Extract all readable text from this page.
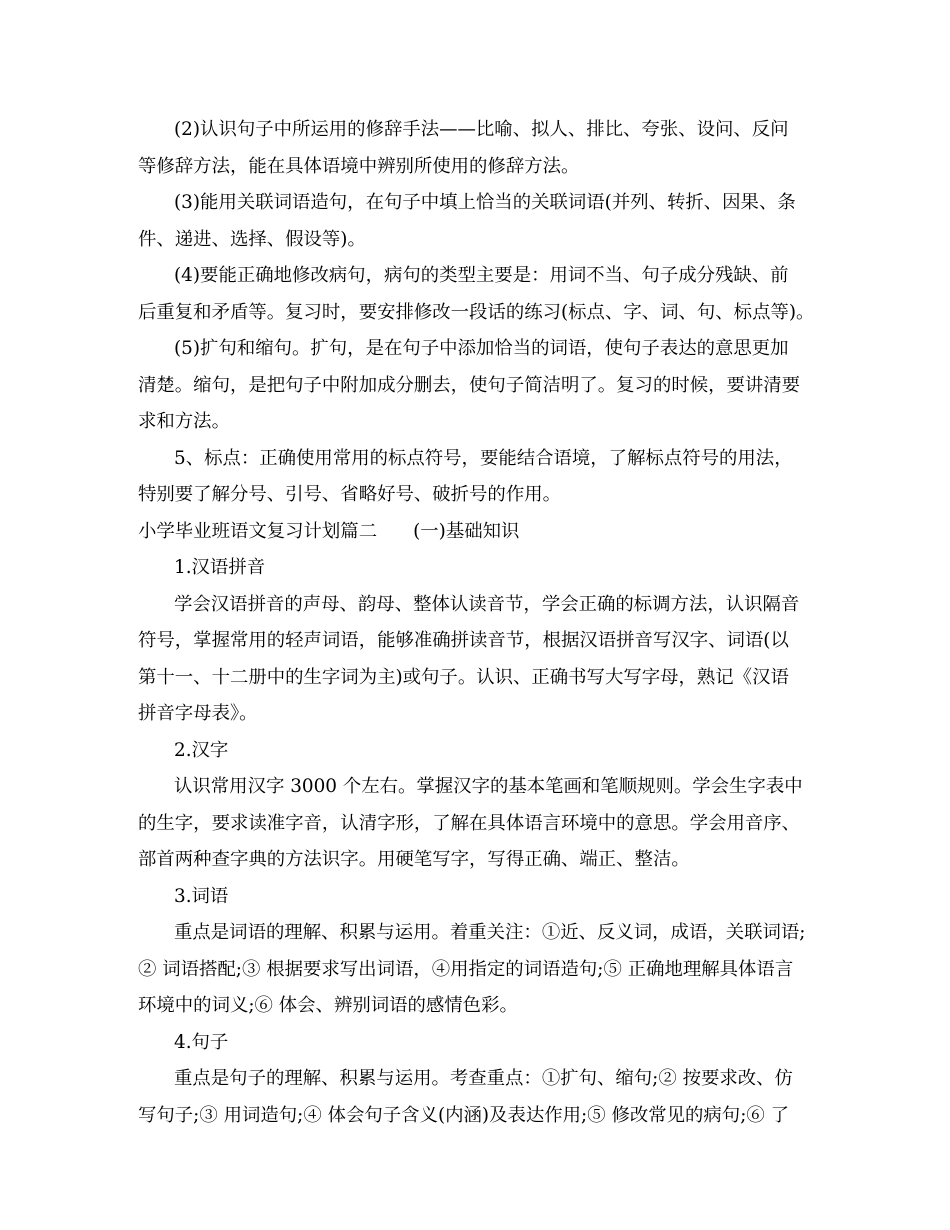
(2)认识句子中所运用的修辞手法——比喻、拟人、排比、夸张、设问、反问
等修辞方法，能在具体语境中辨别所使用的修辞方法。

(3)能用关联词语造句，在句子中填上恰当的关联词语(并列、转折、因果、条
件、递进、选择、假设等)。

(4)要能正确地修改病句，病句的类型主要是：用词不当、句子成分残缺、前
后重复和矛盾等。复习时，要安排修改一段话的练习(标点、字、词、句、标点等)。

(5)扩句和缩句。扩句，是在句子中添加恰当的词语，使句子表达的意思更加
清楚。缩句，是把句子中附加成分删去，使句子简洁明了。复习的时候，要讲清要
求和方法。

5、标点：正确使用常用的标点符号，要能结合语境，了解标点符号的用法，
特别要了解分号、引号、省略好号、破折号的作用。

小学毕业班语文复习计划篇二 (一)基础知识

1.汉语拼音

学会汉语拼音的声母、韵母、整体认读音节，学会正确的标调方法，认识隔音
符号，掌握常用的轻声词语，能够准确拼读音节，根据汉语拼音写汉字、词语(以
第十一、十二册中的生字词为主)或句子。认识、正确书写大写字母，熟记《汉语
拼音字母表》。

2.汉字

认识常用汉字 3000 个左右。掌握汉字的基本笔画和笔顺规则。学会生字表中
的生字，要求读准字音，认清字形，了解在具体语言环境中的意思。学会用音序、
部首两种查字典的方法识字。用硬笔写字，写得正确、端正、整洁。

3.词语

重点是词语的理解、积累与运用。着重关注：①近、反义词，成语，关联词语;
② 词语搭配;③ 根据要求写出词语，④用指定的词语造句;⑤ 正确地理解具体语言
环境中的词义;⑥ 体会、辨别词语的感情色彩。

4.句子

重点是句子的理解、积累与运用。考查重点：①扩句、缩句;② 按要求改、仿
写句子;③ 用词造句;④ 体会句子含义(内涵)及表达作用;⑤ 修改常见的病句;⑥ 了
